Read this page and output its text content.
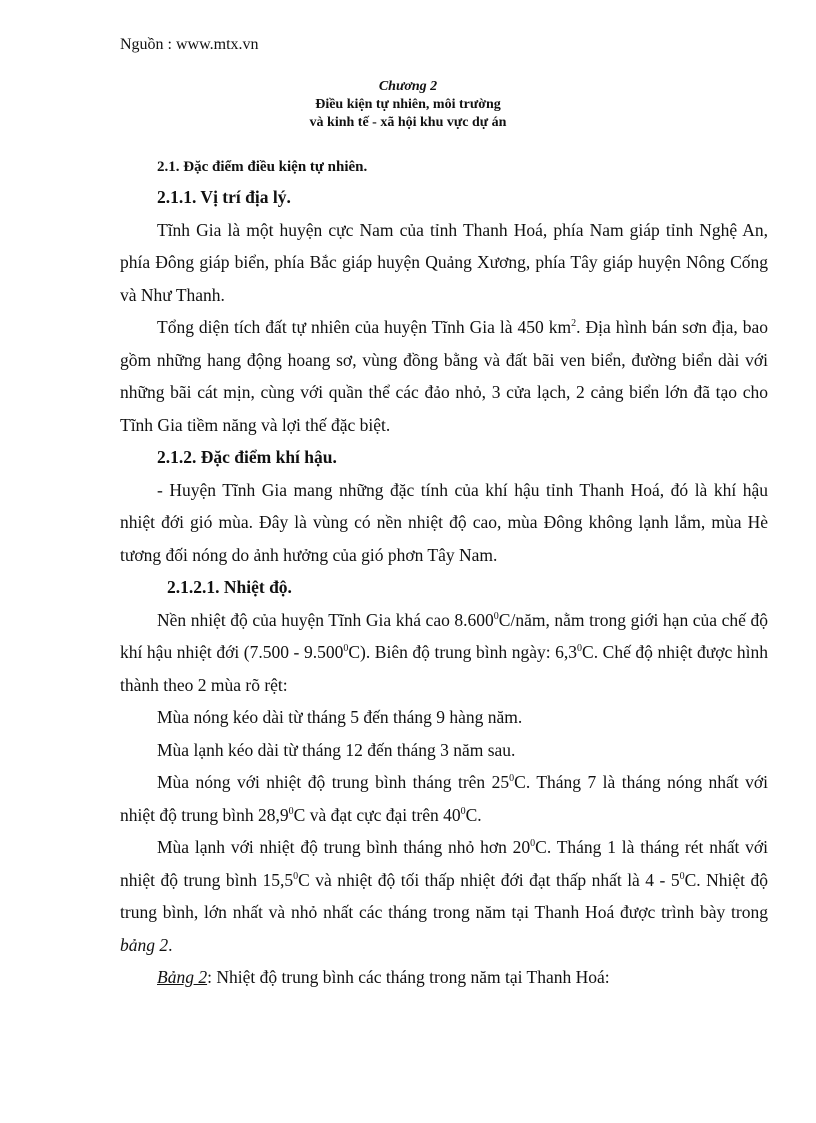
Nguồn : www.mtx.vn
Chương 2
Điều kiện tự nhiên, môi trường
và kinh tế - xã hội khu vực dự án

2.1. Đặc điểm điều kiện tự nhiên.

2.1.1. Vị trí địa lý.

Tĩnh Gia là một huyện cực Nam của tỉnh Thanh Hoá, phía Nam giáp tỉnh Nghệ An, phía Đông giáp biển, phía Bắc giáp huyện Quảng Xương, phía Tây giáp huyện Nông Cống và Như Thanh.

Tổng diện tích đất tự nhiên của huyện Tĩnh Gia là 450 $km^2$. Địa hình bán sơn địa, bao gồm những hang động hoang sơ, vùng đồng bằng và đất bãi ven biển, đường biển dài với những bãi cát mịn, cùng với quần thể các đảo nhỏ, 3 cửa lạch, 2 cảng biển lớn đã tạo cho Tĩnh Gia tiềm năng và lợi thế đặc biệt.

2.1.2. Đặc điểm khí hậu.

- Huyện Tĩnh Gia mang những đặc tính của khí hậu tỉnh Thanh Hoá, đó là khí hậu nhiệt đới gió mùa. Đây là vùng có nền nhiệt độ cao, mùa Đông không lạnh lắm, mùa Hè tương đối nóng do ảnh hưởng của gió phơn Tây Nam.

2.1.2.1. Nhiệt độ.

Nền nhiệt độ của huyện Tĩnh Gia khá cao 8.600$^0$C/năm, nằm trong giới hạn của chế độ khí hậu nhiệt đới (7.500 - 9.500$^0$C). Biên độ trung bình ngày: $6,3^0C$. Chế độ nhiệt được hình thành theo 2 mùa rõ rệt:

Mùa nóng kéo dài từ tháng 5 đến tháng 9 hàng năm.

Mùa lạnh kéo dài từ tháng 12 đến tháng 3 năm sau.

Mùa nóng với nhiệt độ trung bình tháng trên $25^0C$. Tháng 7 là tháng nóng nhất với nhiệt độ trung bình 28,9$^0$C và đạt cực đại trên $40^0C$.

Mùa lạnh với nhiệt độ trung bình tháng nhỏ hơn $20^0C$. Tháng 1 là tháng rét nhất với nhiệt độ trung bình 15,5$^0$C và nhiệt độ tối thấp nhiệt đới đạt thấp nhất là $4 - 5^0C$. Nhiệt độ trung bình, lớn nhất và nhỏ nhất các tháng trong năm tại Thanh Hoá được trình bày trong bảng 2.

Bảng 2: Nhiệt độ trung bình các tháng trong năm tại Thanh Hoá:
